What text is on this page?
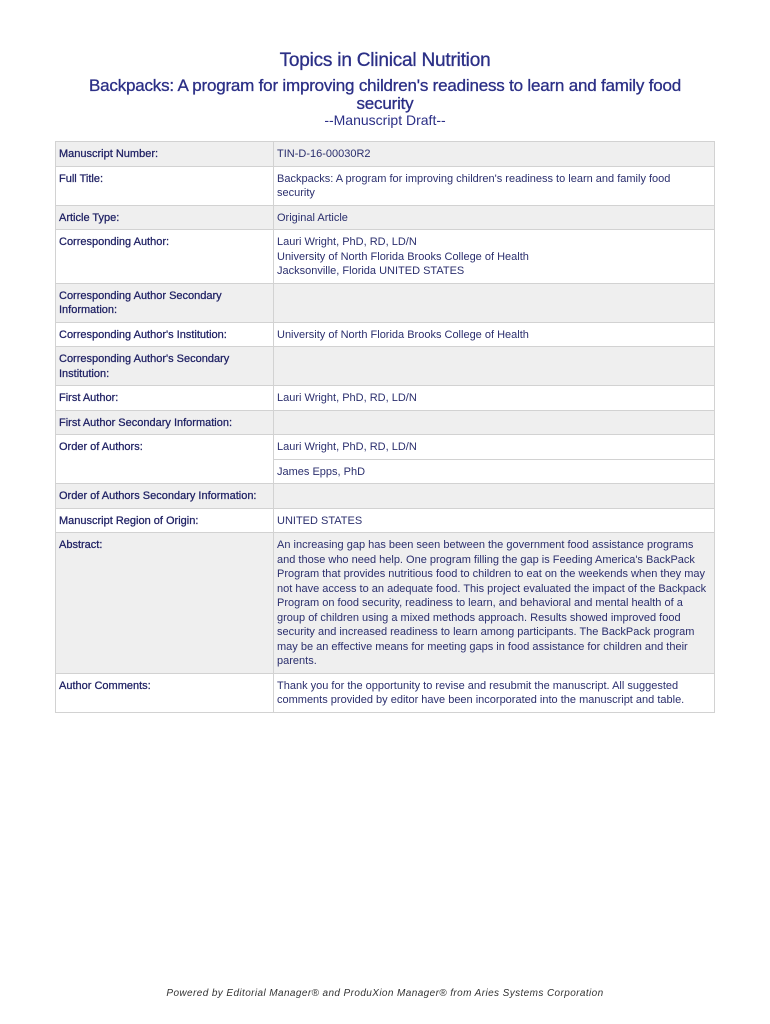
Topics in Clinical Nutrition
Backpacks: A program for improving children's readiness to learn and family food security
--Manuscript Draft--
Manuscript Number:	TIN-D-16-00030R2
Full Title:	Backpacks: A program for improving children's readiness to learn and family food security
Article Type:	Original Article
Corresponding Author:	Lauri Wright, PhD, RD, LD/N
University of North Florida Brooks College of Health
Jacksonville, Florida UNITED STATES

Corresponding Author Secondary Information:	
Corresponding Author's Institution:	University of North Florida Brooks College of Health
Corresponding Author's Secondary Institution:	
First Author:	Lauri Wright, PhD, RD, LD/N
First Author Secondary Information:	
Order of Authors:	Lauri Wright, PhD, RD, LD/N
	James Epps, PhD
Order of Authors Secondary Information:	
Manuscript Region of Origin:	UNITED STATES
Abstract:	An increasing gap has been seen between the government food assistance programs and those who need help. One program filling the gap is Feeding America's BackPack Program that provides nutritious food to children to eat on the weekends when they may not have access to an adequate food. This project evaluated the impact of the Backpack Program on food security, readiness to learn, and behavioral and mental health of a group of children using a mixed methods approach. Results showed improved food security and increased readiness to learn among participants. The BackPack program may be an effective means for meeting gaps in food assistance for children and their parents.
Author Comments:	Thank you for the opportunity to revise and resubmit the manuscript. All suggested comments provided by editor have been incorporated into the manuscript and table.
Powered by Editorial Manager® and ProduXion Manager® from Aries Systems Corporation
